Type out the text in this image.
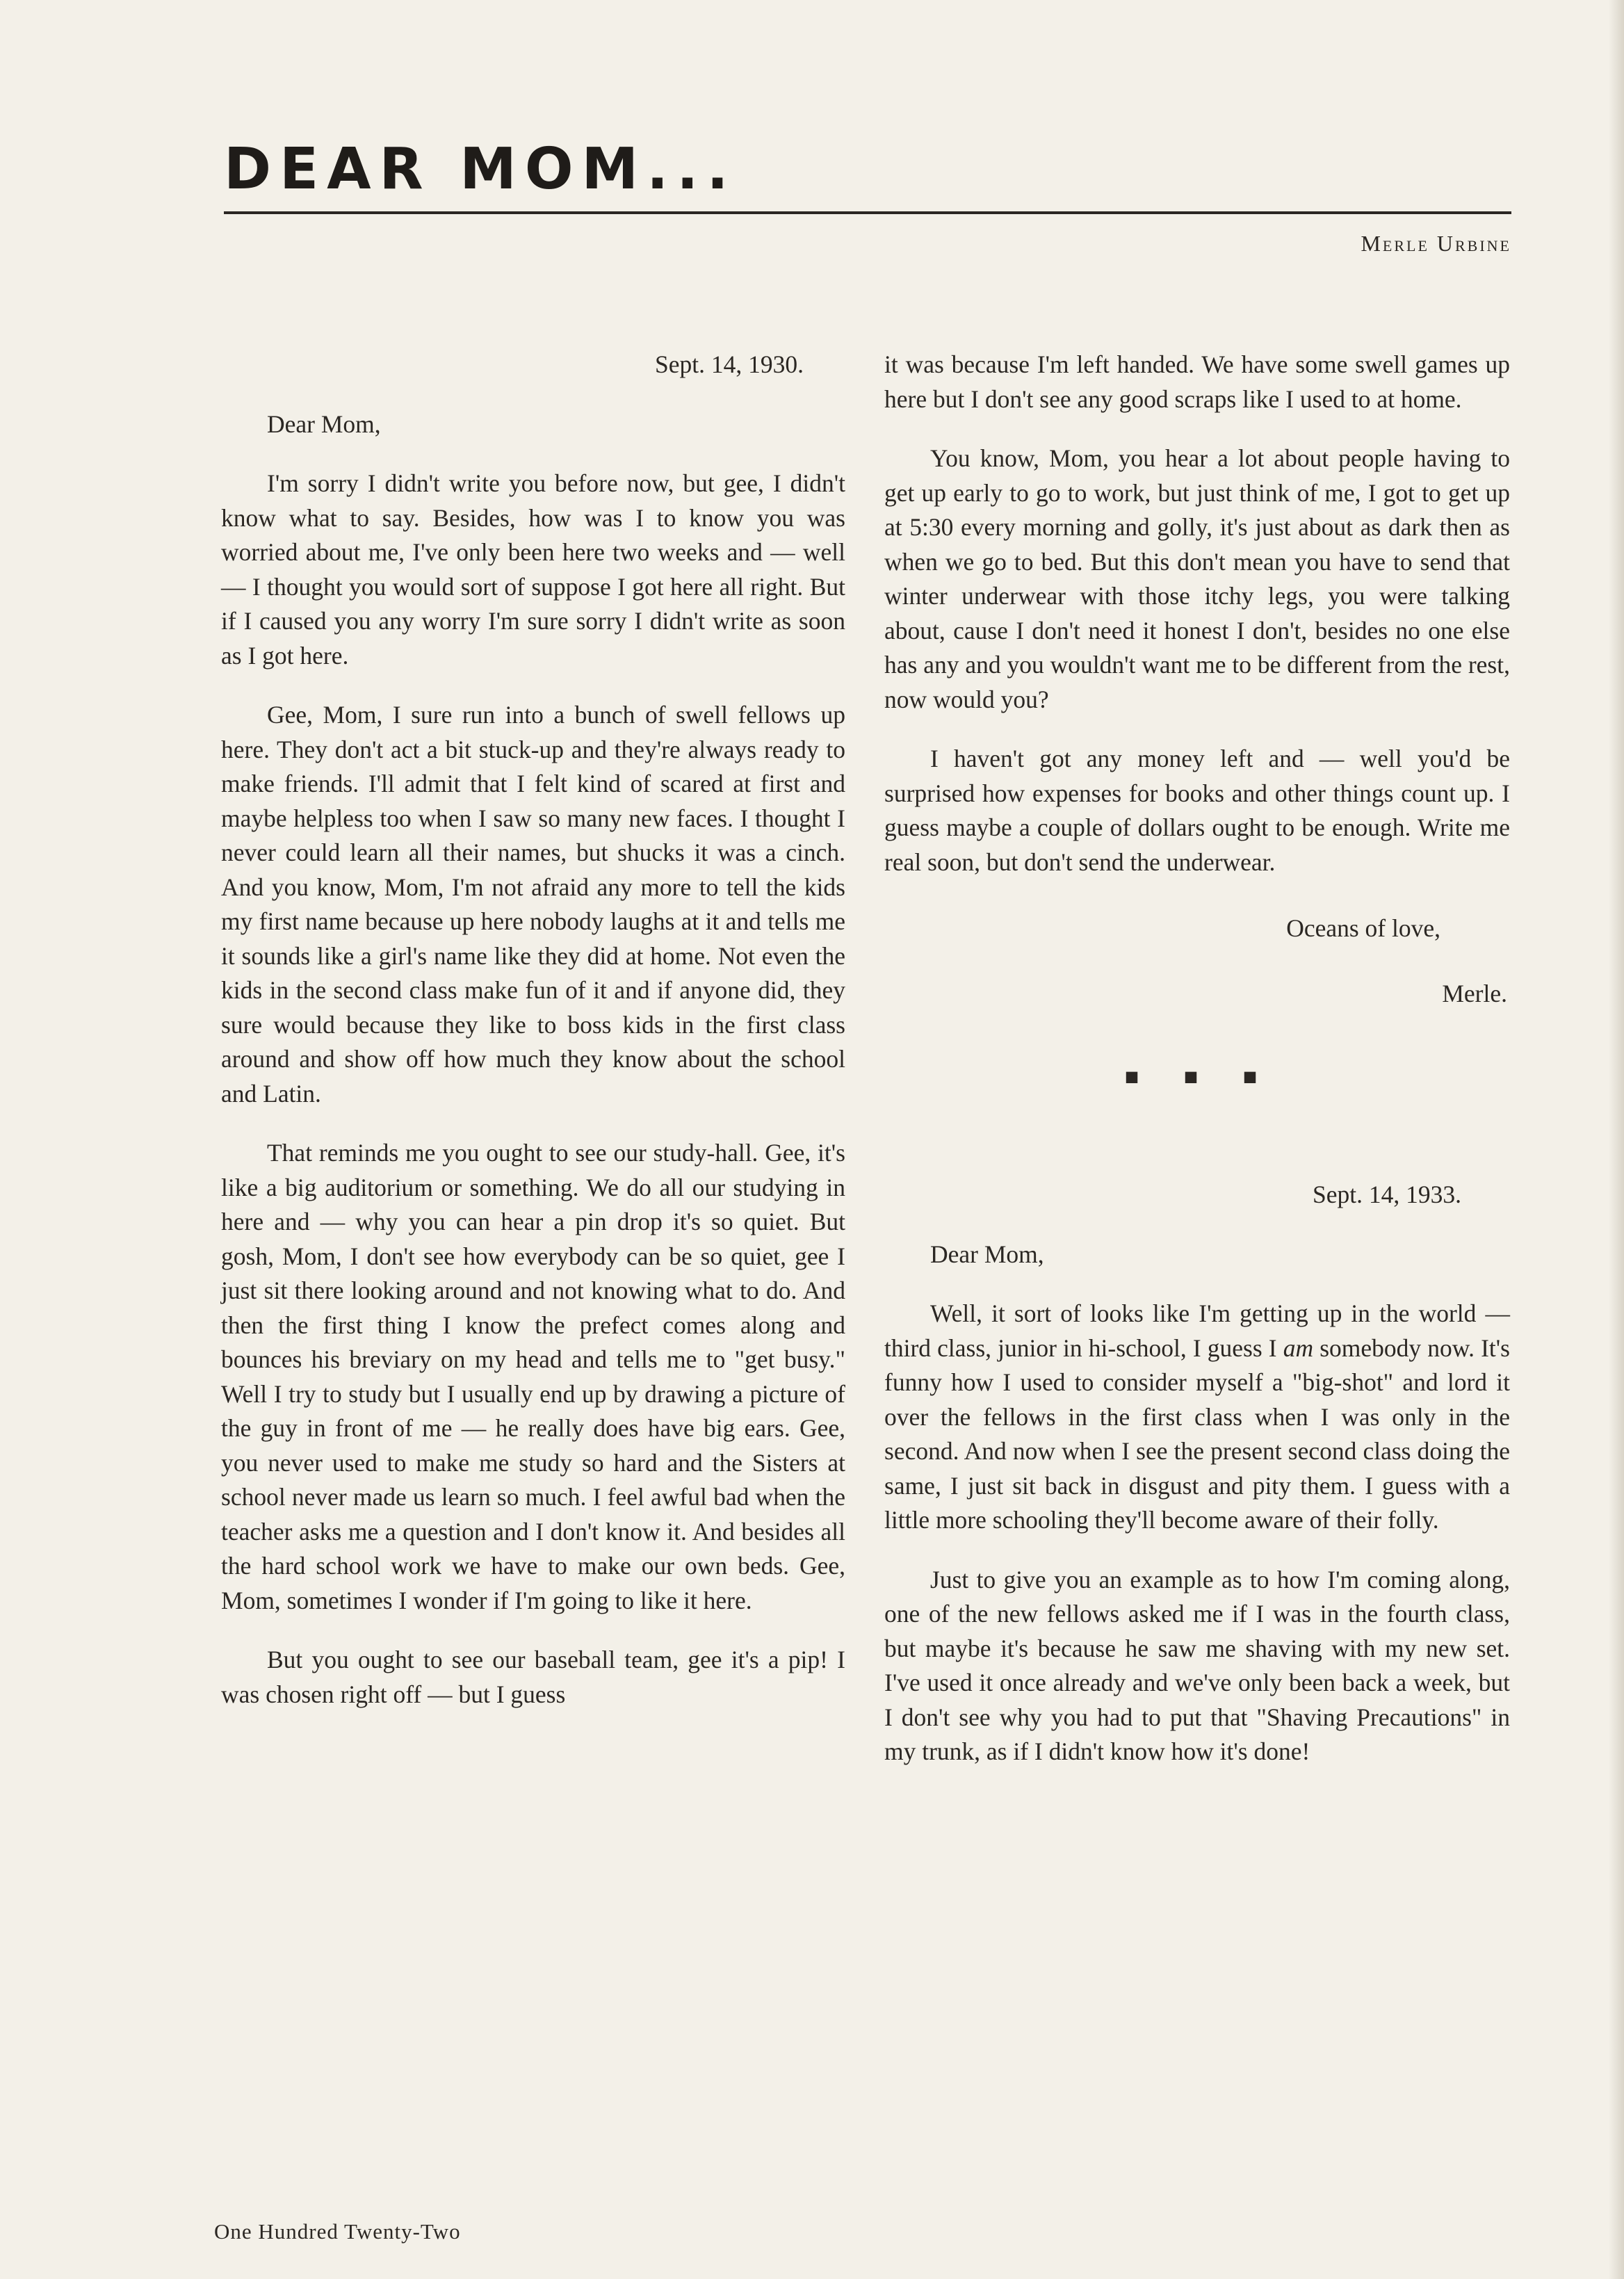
DEAR MOM...
Merle Urbine

Sept. 14, 1930.

Dear Mom,

I'm sorry I didn't write you before now, but gee, I didn't know what to say. Besides, how was I to know you was worried about me, I've only been here two weeks and — well — I thought you would sort of suppose I got here all right. But if I caused you any worry I'm sure sorry I didn't write as soon as I got here.

Gee, Mom, I sure run into a bunch of swell fellows up here. They don't act a bit stuck-up and they're always ready to make friends. I'll admit that I felt kind of scared at first and maybe helpless too when I saw so many new faces. I thought I never could learn all their names, but shucks it was a cinch. And you know, Mom, I'm not afraid any more to tell the kids my first name because up here nobody laughs at it and tells me it sounds like a girl's name like they did at home. Not even the kids in the second class make fun of it and if anyone did, they sure would because they like to boss kids in the first class around and show off how much they know about the school and Latin.

That reminds me you ought to see our study-hall. Gee, it's like a big auditorium or something. We do all our studying in here and — why you can hear a pin drop it's so quiet. But gosh, Mom, I don't see how everybody can be so quiet, gee I just sit there looking around and not knowing what to do. And then the first thing I know the prefect comes along and bounces his breviary on my head and tells me to "get busy." Well I try to study but I usually end up by drawing a picture of the guy in front of me — he really does have big ears. Gee, you never used to make me study so hard and the Sisters at school never made us learn so much. I feel awful bad when the teacher asks me a question and I don't know it. And besides all the hard school work we have to make our own beds. Gee, Mom, sometimes I wonder if I'm going to like it here.

But you ought to see our baseball team, gee it's a pip! I was chosen right off — but I guess

it was because I'm left handed. We have some swell games up here but I don't see any good scraps like I used to at home.

You know, Mom, you hear a lot about people having to get up early to go to work, but just think of me, I got to get up at 5:30 every morning and golly, it's just about as dark then as when we go to bed. But this don't mean you have to send that winter underwear with those itchy legs, you were talking about, cause I don't need it honest I don't, besides no one else has any and you wouldn't want me to be different from the rest, now would you?

I haven't got any money left and — well you'd be surprised how expenses for books and other things count up. I guess maybe a couple of dollars ought to be enough. Write me real soon, but don't send the underwear.

Oceans of love,

Merle.

■ ■ ■

Sept. 14, 1933.

Dear Mom,

Well, it sort of looks like I'm getting up in the world — third class, junior in hi-school, I guess I am somebody now. It's funny how I used to consider myself a "big-shot" and lord it over the fellows in the first class when I was only in the second. And now when I see the present second class doing the same, I just sit back in disgust and pity them. I guess with a little more schooling they'll become aware of their folly.

Just to give you an example as to how I'm coming along, one of the new fellows asked me if I was in the fourth class, but maybe it's because he saw me shaving with my new set. I've used it once already and we've only been back a week, but I don't see why you had to put that "Shaving Precautions" in my trunk, as if I didn't know how it's done!

One Hundred Twenty-Two
